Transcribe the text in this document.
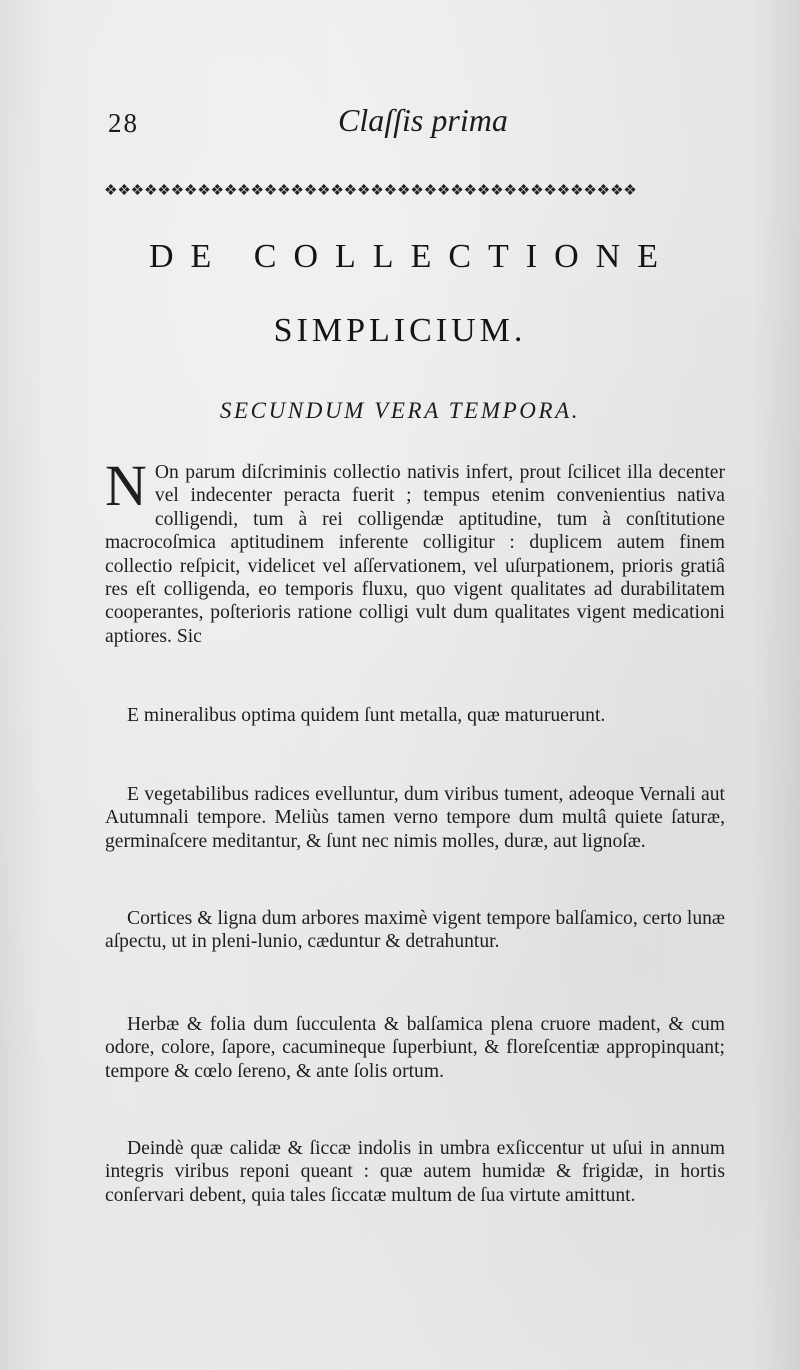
28	Claſſis prima
❖❖❖❖❖❖❖❖❖❖❖❖❖❖❖❖❖❖❖❖❖❖❖❖❖❖❖❖❖❖❖❖❖❖❖❖❖❖❖❖
DE COLLECTIONE
SIMPLICIUM.
SECUNDUM VERA TEMPORA.
N On parum diſcriminis collectio nativis infert, prout ſcilicet illa decenter vel indecenter peracta fuerit ; tempus etenim convenientius nativa colligendi, tum à rei colligendæ aptitudine, tum à conſtitutione macrocoſmica aptitudinem inferente colligitur : duplicem autem finem collectio reſpicit, videlicet vel aſſervationem, vel uſurpationem, prioris gratiâ res eſt colligenda, eo temporis fluxu, quo vigent qualitates ad durabilitatem cooperantes, poſterioris ratione colligi vult dum qualitates vigent medicationi aptiores. Sic
E mineralibus optima quidem ſunt metalla, quæ maturuerunt.
E vegetabilibus radices evelluntur, dum viribus tument, adeoque Vernali aut Autumnali tempore. Meliùs tamen verno tempore dum multâ quiete ſaturæ, germinaſcere meditantur, & ſunt nec nimis molles, duræ, aut lignoſæ.
Cortices & ligna dum arbores maximè vigent tempore balſamico, certo lunæ aſpectu, ut in pleni-lunio, cæduntur & detrahuntur.
Herbæ & folia dum ſucculenta & balſamica plena cruore madent, & cum odore, colore, ſapore, cacumineque ſuperbiunt, & floreſcentiæ appropinquant; tempore & cœlo ſereno, & ante ſolis ortum.
Deindè quæ calidæ & ſiccæ indolis in umbra exſiccentur ut uſui in annum integris viribus reponi queant : quæ autem humidæ & frigidæ, in hortis conſervari debent, quia tales ſiccatæ multum de ſua virtute amittunt.
